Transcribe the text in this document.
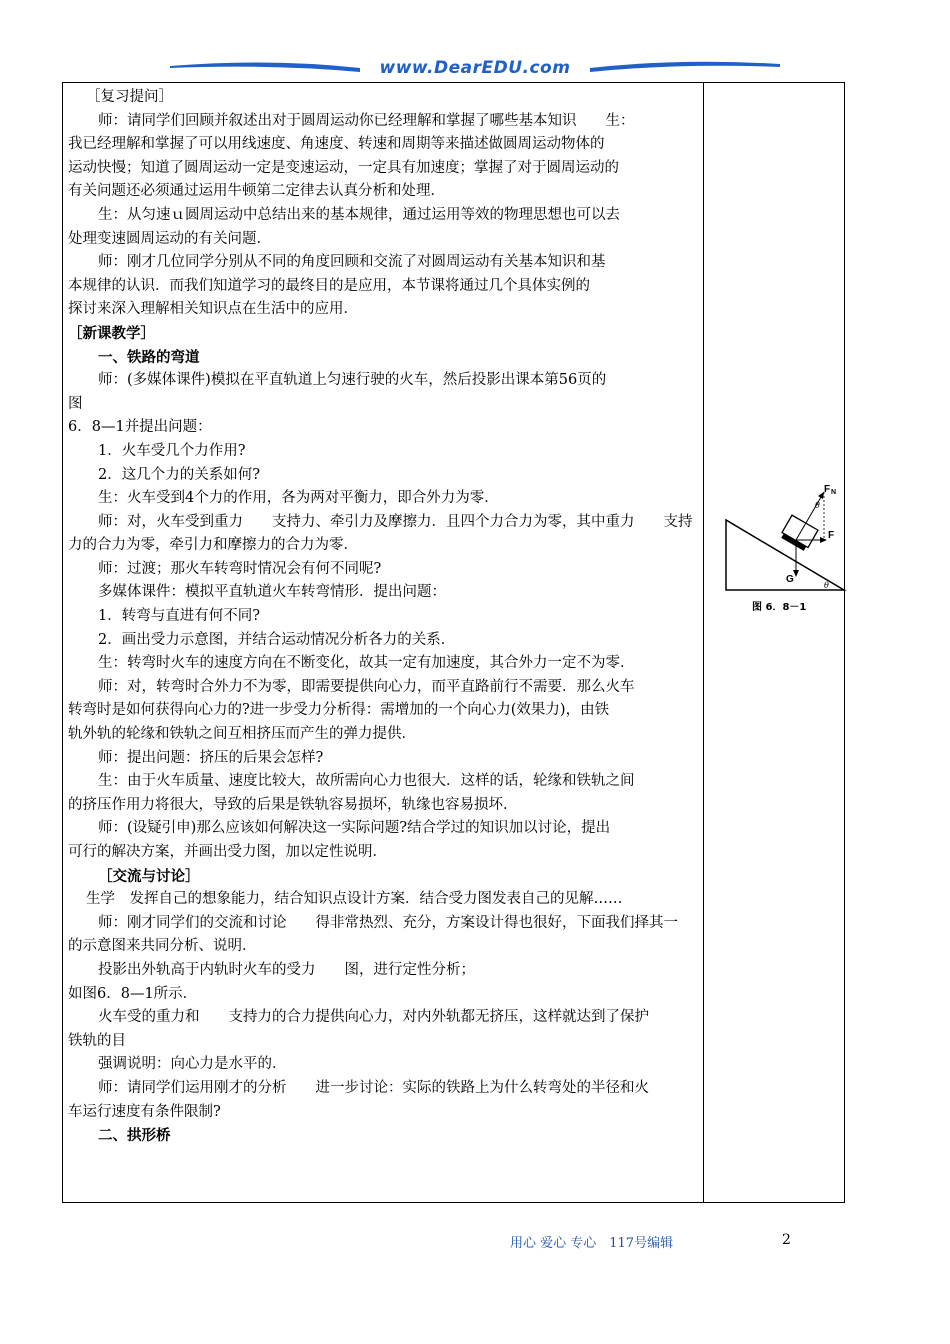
www.DearEDU.com

［复习提问］

师：请同学们回顾并叙述出对于圆周运动你已经理解和掌握了哪些基本知识　　生：

我已经理解和掌握了可以用线速度、角速度、转速和周期等来描述做圆周运动物体的

运动快慢；知道了圆周运动一定是变速运动，一定具有加速度；掌握了对于圆周运动的

有关问题还必须通过运用牛顿第二定律去认真分析和处理．

生：从匀速ｕ圆周运动中总结出来的基本规律，通过运用等效的物理思想也可以去

处理变速圆周运动的有关问题．

师：刚才几位同学分别从不同的角度回顾和交流了对圆周运动有关基本知识和基

本规律的认识．而我们知道学习的最终目的是应用，本节课将通过几个具体实例的

探讨来深入理解相关知识点在生活中的应用．

［新课教学］

一、铁路的弯道

师：(多媒体课件)模拟在平直轨道上匀速行驶的火车，然后投影出课本第56页的

图

6．8—1并提出问题：

1．火车受几个力作用?

2．这几个力的关系如何?

生：火车受到4个力的作用，各为两对平衡力，即合外力为零．

师：对，火车受到重力　　支持力、牵引力及摩擦力．且四个力合力为零，其中重力　　支持

力的合力为零，牵引力和摩擦力的合力为零．

师：过渡；那火车转弯时情况会有何不同呢?

多媒体课件：模拟平直轨道火车转弯情形．提出问题：

1．转弯与直进有何不同?

2．画出受力示意图，并结合运动情况分析各力的关系．

生：转弯时火车的速度方向在不断变化，故其一定有加速度，其合外力一定不为零．

师：对，转弯时合外力不为零，即需要提供向心力，而平直路前行不需要．那么火车

转弯时是如何获得向心力的?进一步受力分析得：需增加的一个向心力(效果力)，由铁

轨外轨的轮缘和铁轨之间互相挤压而产生的弹力提供．

师：提出问题：挤压的后果会怎样?

生：由于火车质量、速度比较大，故所需向心力也很大．这样的话，轮缘和铁轨之间

的挤压作用力将很大，导致的后果是铁轨容易损坏，轨缘也容易损坏．

师：(设疑引申)那么应该如何解决这一实际问题?结合学过的知识加以讨论，提出

可行的解决方案，并画出受力图，加以定性说明．

［交流与讨论］

生学　发挥自己的想象能力，结合知识点设计方案．结合受力图发表自己的见解……

师：刚才同学们的交流和讨论　　得非常热烈、充分，方案设计得也很好，下面我们择其一

的示意图来共同分析、说明．

投影出外轨高于内轨时火车的受力　　图，进行定性分析；

如图6．8—1所示．

火车受的重力和　　支持力的合力提供向心力，对内外轨都无挤压，这样就达到了保护

铁轨的目

强调说明：向心力是水平的．

师：请同学们运用刚才的分析　　进一步讨论：实际的铁路上为什么转弯处的半径和火

车运行速度有条件限制?

二、拱形桥

F N
F
G
θ
θ
图 6．8－1
用心 爱心 专心　117号编辑	2
